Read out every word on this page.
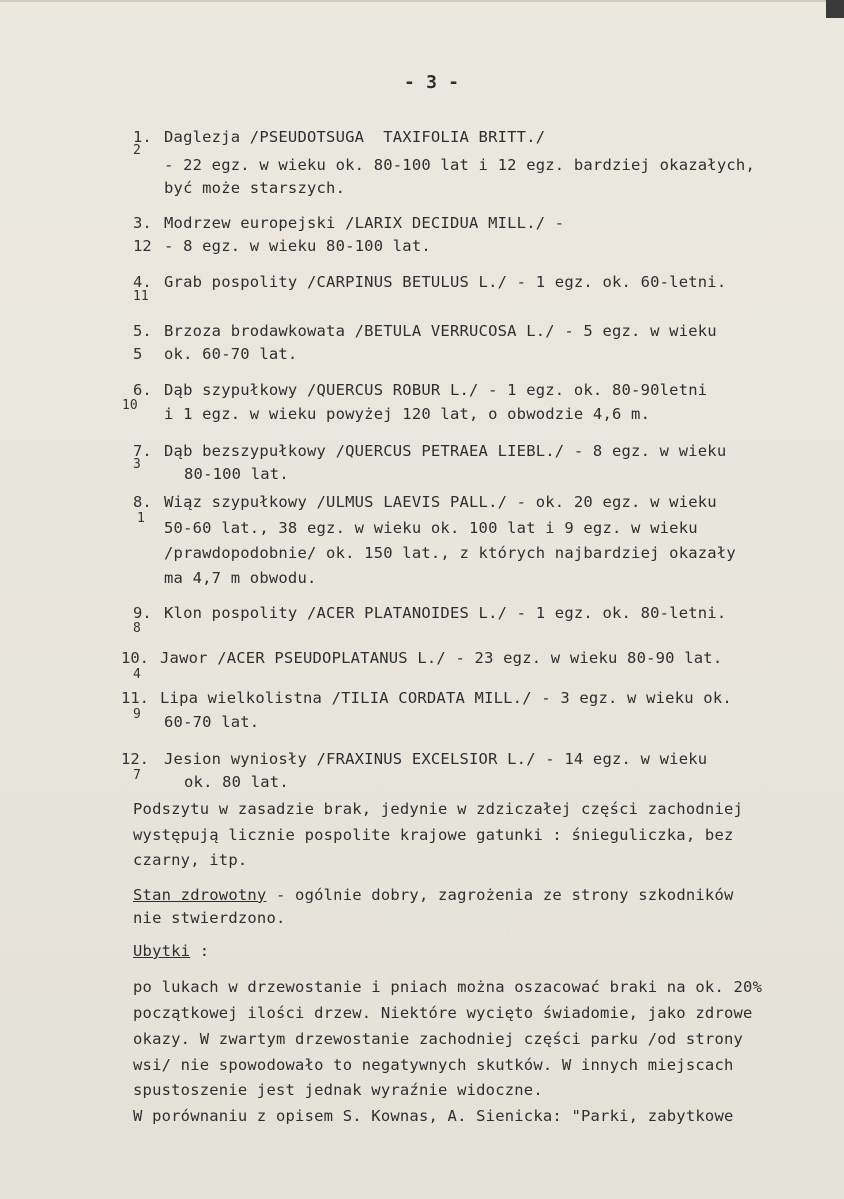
- 3 -
1.
2
Daglezja /PSEUDOTSUGA  TAXIFOLIA BRITT./
- 22 egz. w wieku ok. 80-100 lat i 12 egz. bardziej okazałych,
być może starszych.
3. Modrzew europejski /LARIX DECIDUA MILL./ -
12 - 8 egz. w wieku 80-100 lat.
4.
11
Grab pospolity /CARPINUS BETULUS L./ - 1 egz. ok. 60-letni.
5. Brzoza brodawkowata /BETULA VERRUCOSA L./ - 5 egz. w wieku
5 ok. 60-70 lat.
6.
10
Dąb szypułkowy /QUERCUS ROBUR L./ - 1 egz. ok. 80-90letni
i 1 egz. w wieku powyżej 120 lat, o obwodzie 4,6 m.
7.
3
Dąb bezszypułkowy /QUERCUS PETRAEA LIEBL./ - 8 egz. w wieku
80-100 lat.
8.
1
Wiąz szypułkowy /ULMUS LAEVIS PALL./ - ok. 20 egz. w wieku
50-60 lat., 38 egz. w wieku ok. 100 lat i 9 egz. w wieku
/prawdopodobnie/ ok. 150 lat., z których najbardziej okazały
ma 4,7 m obwodu.
9.
8
Klon pospolity /ACER PLATANOIDES L./ - 1 egz. ok. 80-letni.
10.
4
Jawor /ACER PSEUDOPLATANUS L./ - 23 egz. w wieku 80-90 lat.
11.
9
Lipa wielkolistna /TILIA CORDATA MILL./ - 3 egz. w wieku ok.
60-70 lat.
12.
7
Jesion wyniosły /FRAXINUS EXCELSIOR L./ - 14 egz. w wieku
ok. 80 lat.
Podszytu w zasadzie brak, jedynie w zdziczałej części zachodniej
występują licznie pospolite krajowe gatunki : śnieguliczka, bez
czarny, itp.
Stan zdrowotny - ogólnie dobry, zagrożenia ze strony szkodników
nie stwierdzono.
Ubytki :
po lukach w drzewostanie i pniach można oszacować braki na ok. 20%
początkowej ilości drzew. Niektóre wycięto świadomie, jako zdrowe
okazy. W zwartym drzewostanie zachodniej części parku /od strony
wsi/ nie spowodowało to negatywnych skutków. W innych miejscach
spustoszenie jest jednak wyraźnie widoczne.
W porównaniu z opisem S. Kownas, A. Sienicka: "Parki, zabytkowe
